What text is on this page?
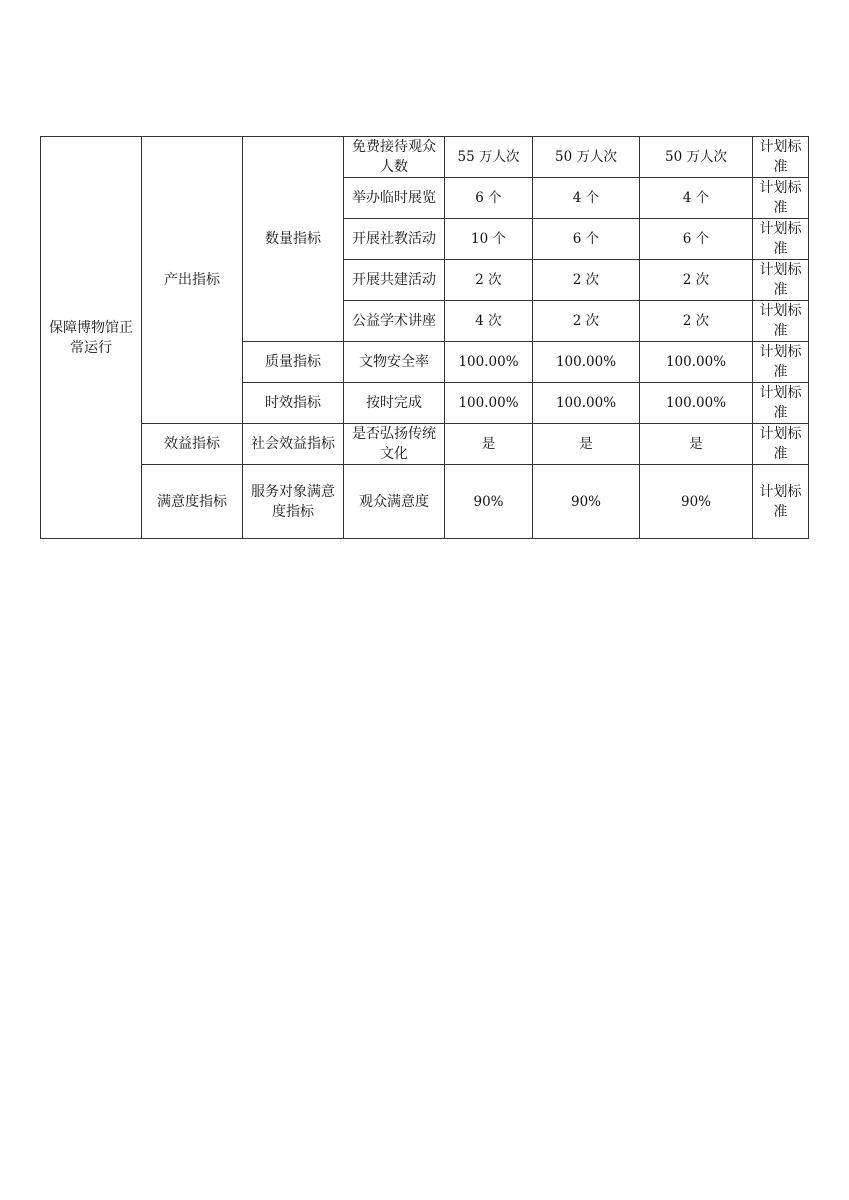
保障博物馆正常运行	产出指标	数量指标	免费接待观众人数	55 万人次	50 万人次	50 万人次	计划标准
			举办临时展览	6 个	4 个	4 个	计划标准
			开展社教活动	10 个	6 个	6 个	计划标准
			开展共建活动	2 次	2 次	2 次	计划标准
			公益学术讲座	4 次	2 次	2 次	计划标准
		质量指标	文物安全率	100.00%	100.00%	100.00%	计划标准
		时效指标	按时完成	100.00%	100.00%	100.00%	计划标准
	效益指标	社会效益指标	是否弘扬传统文化	是	是	是	计划标准
	满意度指标	服务对象满意度指标	观众满意度	90%	90%	90%	计划标准
